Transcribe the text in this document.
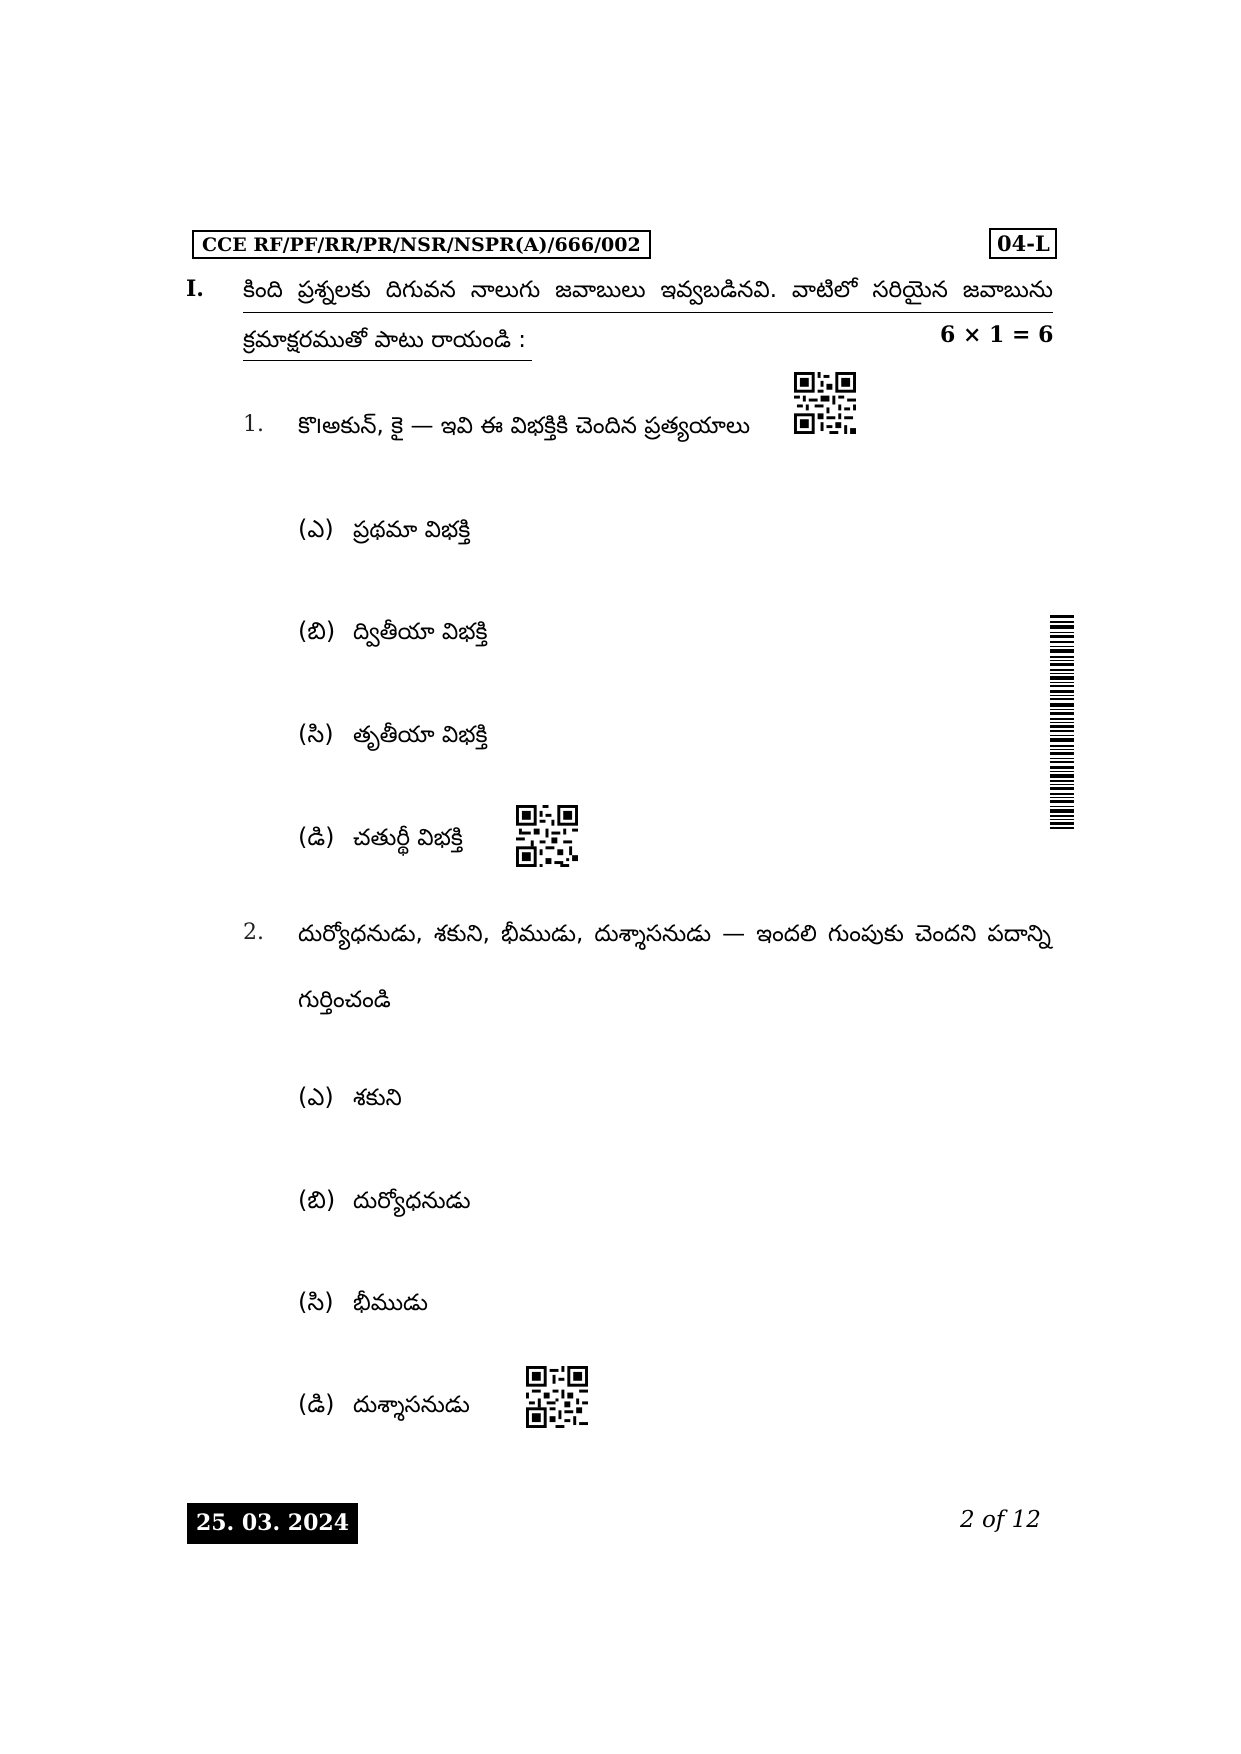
CCE RF/PF/RR/PR/NSR/NSPR(A)/666/002	04-L
I. కింది ప్రశ్నలకు దిగువన నాలుగు జవాబులు ఇవ్వబడినవి. వాటిలో సరియైన జవాబును
క్రమాక్షరముతో పాటు రాయండి :	6 × 1 = 6
1. కొ౹అకున్, కై — ఇవి ఈ విభక్తికి చెందిన ప్రత్యయాలు
(ఎ) ప్రథమా విభక్తి
(బి) ద్వితీయా విభక్తి
(సి) తృతీయా విభక్తి
(డి) చతుర్థీ విభక్తి
2. దుర్యోధనుడు, శకుని, భీముడు, దుశ్శాసనుడు — ఇందలి గుంపుకు చెందని పదాన్ని గుర్తించండి
(ఎ) శకుని
(బి) దుర్యోధనుడు
(సి) భీముడు
(డి) దుశ్శాసనుడు
25. 03. 2024	2 of 12
